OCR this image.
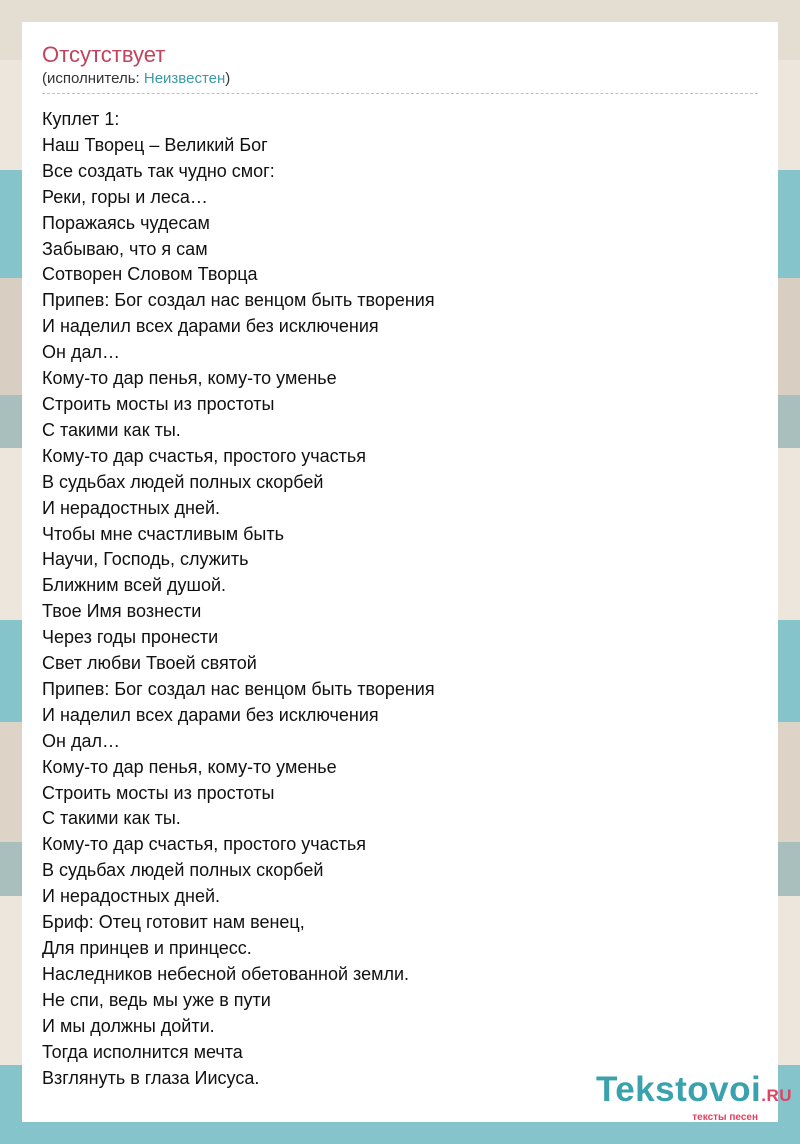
Отсутствует
(исполнитель: Неизвестен)
Куплет 1:
Наш Творец – Великий Бог
Все создать так чудно смог:
Реки, горы и леса…
Поражаясь чудесам
Забываю, что я сам
Сотворен Словом Творца
Припев: Бог создал нас венцом быть творения
И наделил всех дарами без исключения
Он дал…
Кому-то дар пенья, кому-то уменье
Строить мосты из простоты
С такими как ты.
Кому-то дар счастья, простого участья
В судьбах людей полных скорбей
И нерадостных дней.
Чтобы мне счастливым быть
Научи, Господь, служить
Ближним всей душой.
Твое Имя вознести
Через годы пронести
Свет любви Твоей святой
Припев: Бог создал нас венцом быть творения
И наделил всех дарами без исключения
Он дал…
Кому-то дар пенья, кому-то уменье
Строить мосты из простоты
С такими как ты.
Кому-то дар счастья, простого участья
В судьбах людей полных скорбей
И нерадостных дней.
Бриф: Отец готовит нам венец,
Для принцев и принцесс.
Наследников небесной обетованной земли.
Не спи, ведь мы уже в пути
И мы должны дойти.
Тогда исполнится мечта
Взглянуть в глаза Иисуса.	Tekstovoi.RU
тексты песен
